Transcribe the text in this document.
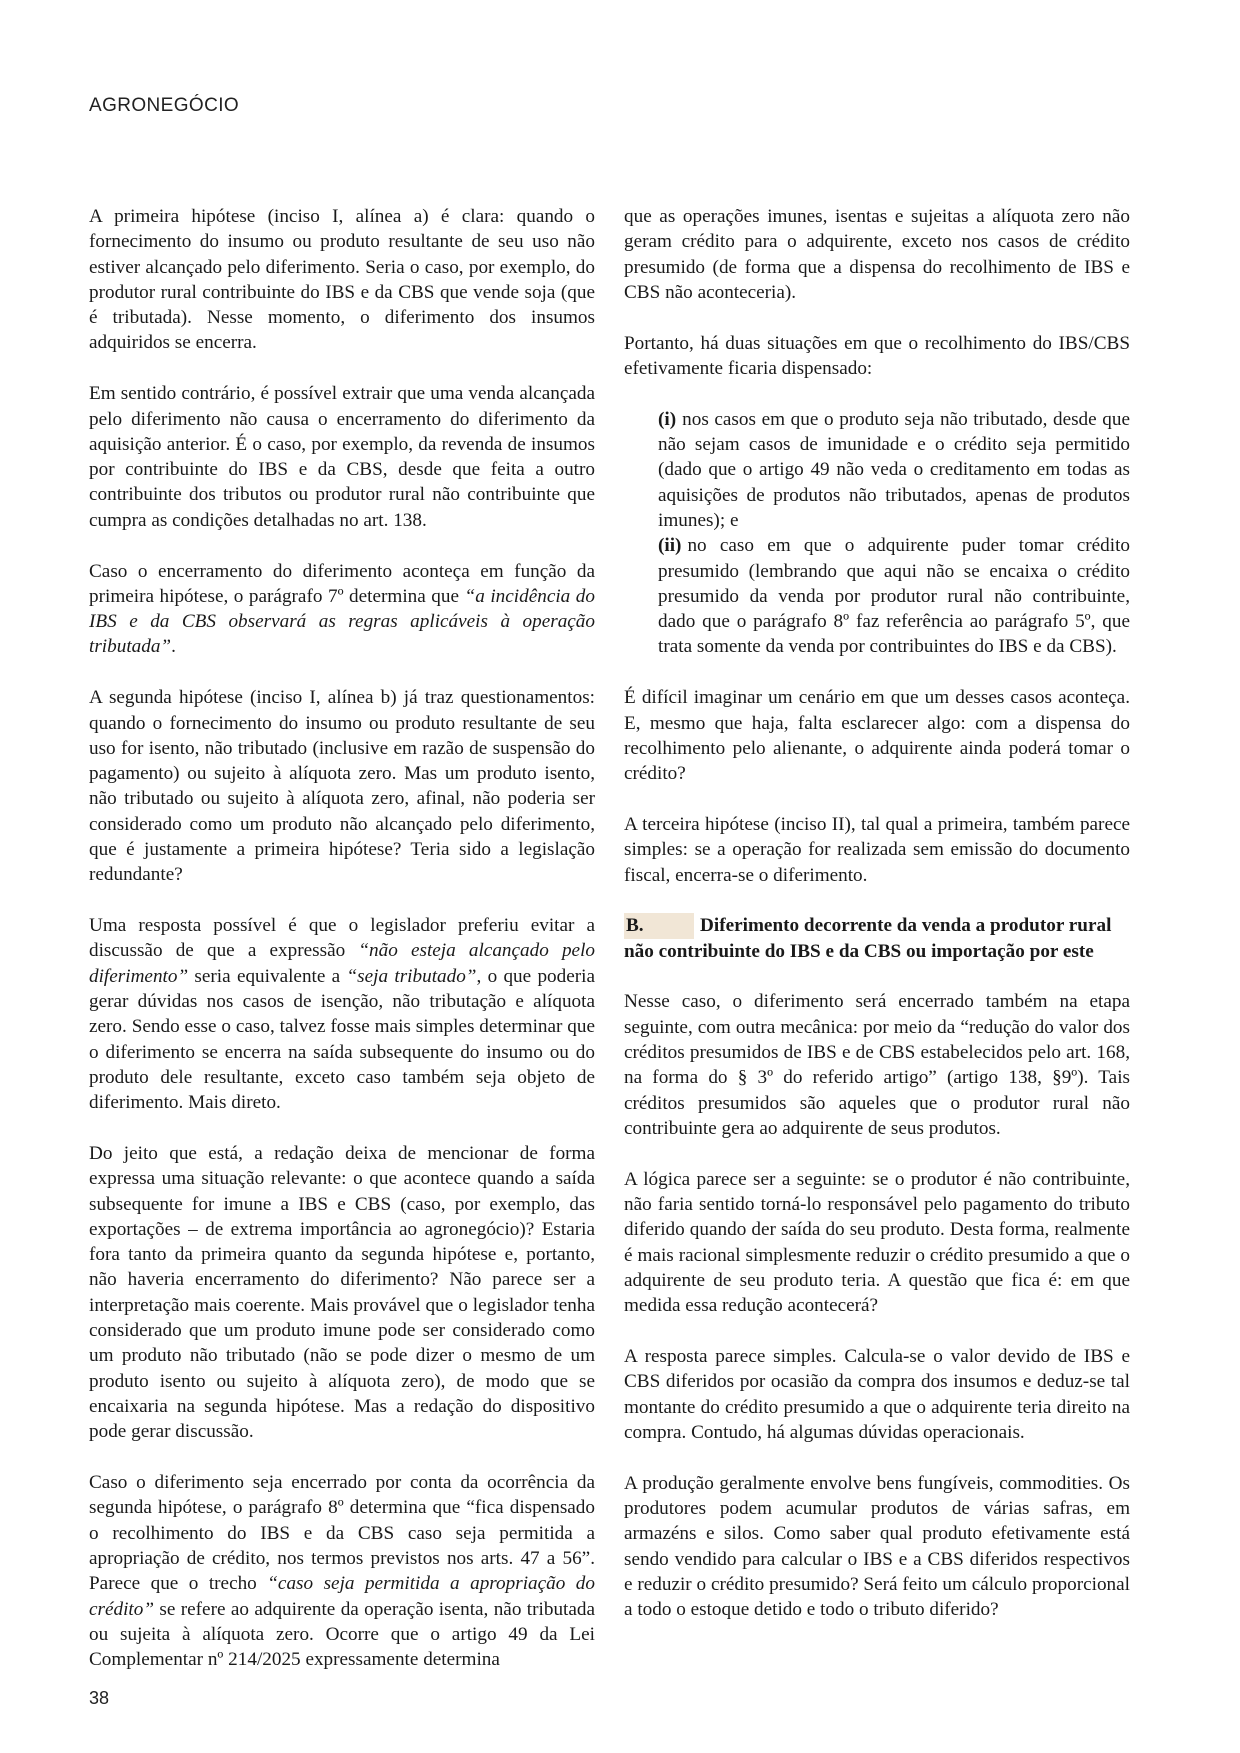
AGRONEGÓCIO

A primeira hipótese (inciso I, alínea a) é clara: quando o fornecimento do insumo ou produto resultante de seu uso não estiver alcançado pelo diferimento. Seria o caso, por exemplo, do produtor rural contribuinte do IBS e da CBS que vende soja (que é tributada). Nesse momento, o diferimento dos insumos adquiridos se encerra.

Em sentido contrário, é possível extrair que uma venda alcançada pelo diferimento não causa o encerramento do diferimento da aquisição anterior. É o caso, por exemplo, da revenda de insumos por contribuinte do IBS e da CBS, desde que feita a outro contribuinte dos tributos ou produtor rural não contribuinte que cumpra as condições detalhadas no art. 138.

Caso o encerramento do diferimento aconteça em função da primeira hipótese, o parágrafo 7º determina que “a incidência do IBS e da CBS observará as regras aplicáveis à operação tributada”.

A segunda hipótese (inciso I, alínea b) já traz questionamentos: quando o fornecimento do insumo ou produto resultante de seu uso for isento, não tributado (inclusive em razão de suspensão do pagamento) ou sujeito à alíquota zero. Mas um produto isento, não tributado ou sujeito à alíquota zero, afinal, não poderia ser considerado como um produto não alcançado pelo diferimento, que é justamente a primeira hipótese? Teria sido a legislação redundante?

Uma resposta possível é que o legislador preferiu evitar a discussão de que a expressão “não esteja alcançado pelo diferimento” seria equivalente a “seja tributado”, o que poderia gerar dúvidas nos casos de isenção, não tributação e alíquota zero. Sendo esse o caso, talvez fosse mais simples determinar que o diferimento se encerra na saída subsequente do insumo ou do produto dele resultante, exceto caso também seja objeto de diferimento. Mais direto.

Do jeito que está, a redação deixa de mencionar de forma expressa uma situação relevante: o que acontece quando a saída subsequente for imune a IBS e CBS (caso, por exemplo, das exportações – de extrema importância ao agronegócio)? Estaria fora tanto da primeira quanto da segunda hipótese e, portanto, não haveria encerramento do diferimento? Não parece ser a interpretação mais coerente. Mais provável que o legislador tenha considerado que um produto imune pode ser considerado como um produto não tributado (não se pode dizer o mesmo de um produto isento ou sujeito à alíquota zero), de modo que se encaixaria na segunda hipótese. Mas a redação do dispositivo pode gerar discussão.

Caso o diferimento seja encerrado por conta da ocorrência da segunda hipótese, o parágrafo 8º determina que “fica dispensado o recolhimento do IBS e da CBS caso seja permitida a apropriação de crédito, nos termos previstos nos arts. 47 a 56”. Parece que o trecho “caso seja permitida a apropriação do crédito” se refere ao adquirente da operação isenta, não tributada ou sujeita à alíquota zero. Ocorre que o artigo 49 da Lei Complementar nº 214/2025 expressamente determina

que as operações imunes, isentas e sujeitas a alíquota zero não geram crédito para o adquirente, exceto nos casos de crédito presumido (de forma que a dispensa do recolhimento de IBS e CBS não aconteceria).

Portanto, há duas situações em que o recolhimento do IBS/CBS efetivamente ficaria dispensado:

(i) nos casos em que o produto seja não tributado, desde que não sejam casos de imunidade e o crédito seja permitido (dado que o artigo 49 não veda o creditamento em todas as aquisições de produtos não tributados, apenas de produtos imunes); e

(ii) no caso em que o adquirente puder tomar crédito presumido (lembrando que aqui não se encaixa o crédito presumido da venda por produtor rural não contribuinte, dado que o parágrafo 8º faz referência ao parágrafo 5º, que trata somente da venda por contribuintes do IBS e da CBS).

É difícil imaginar um cenário em que um desses casos aconteça. E, mesmo que haja, falta esclarecer algo: com a dispensa do recolhimento pelo alienante, o adquirente ainda poderá tomar o crédito?

A terceira hipótese (inciso II), tal qual a primeira, também parece simples: se a operação for realizada sem emissão do documento fiscal, encerra-se o diferimento.

B.	Diferimento decorrente da venda a produtor rural não contribuinte do IBS e da CBS ou importação por este

Nesse caso, o diferimento será encerrado também na etapa seguinte, com outra mecânica: por meio da “redução do valor dos créditos presumidos de IBS e de CBS estabelecidos pelo art. 168, na forma do § 3º do referido artigo” (artigo 138, §9º). Tais créditos presumidos são aqueles que o produtor rural não contribuinte gera ao adquirente de seus produtos.

A lógica parece ser a seguinte: se o produtor é não contribuinte, não faria sentido torná-lo responsável pelo pagamento do tributo diferido quando der saída do seu produto. Desta forma, realmente é mais racional simplesmente reduzir o crédito presumido a que o adquirente de seu produto teria. A questão que fica é: em que medida essa redução acontecerá?

A resposta parece simples. Calcula-se o valor devido de IBS e CBS diferidos por ocasião da compra dos insumos e deduz-se tal montante do crédito presumido a que o adquirente teria direito na compra. Contudo, há algumas dúvidas operacionais.

A produção geralmente envolve bens fungíveis, commodities. Os produtores podem acumular produtos de várias safras, em armazéns e silos. Como saber qual produto efetivamente está sendo vendido para calcular o IBS e a CBS diferidos respectivos e reduzir o crédito presumido? Será feito um cálculo proporcional a todo o estoque detido e todo o tributo diferido?

38
